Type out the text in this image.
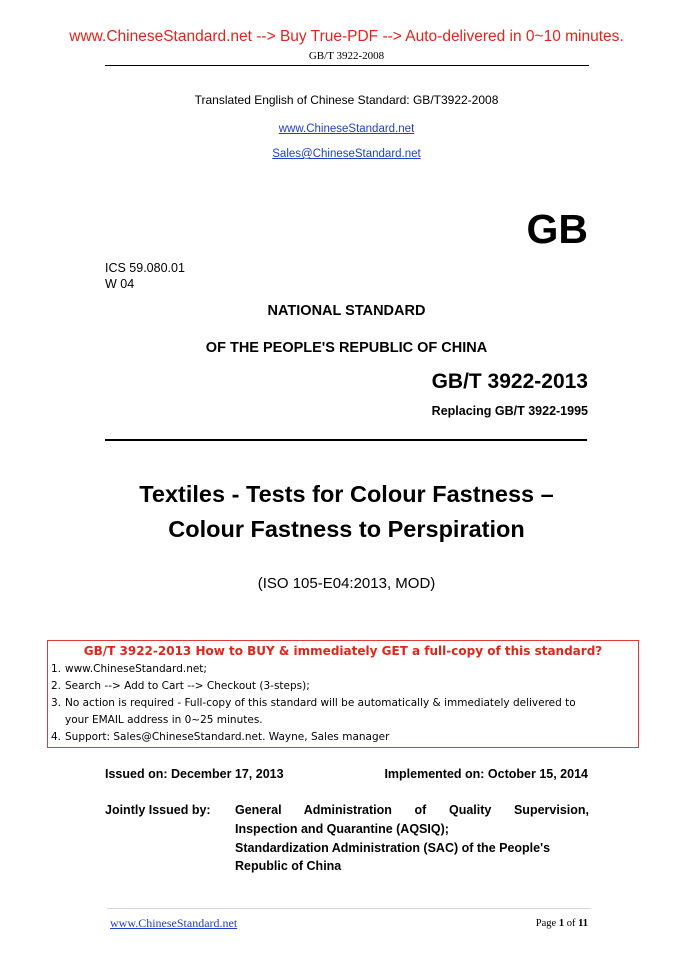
www.ChineseStandard.net --> Buy True-PDF --> Auto-delivered in 0~10 minutes.
GB/T 3922-2008
Translated English of Chinese Standard: GB/T3922-2008
www.ChineseStandard.net
Sales@ChineseStandard.net
GB
ICS 59.080.01
W 04
NATIONAL STANDARD
OF THE PEOPLE'S REPUBLIC OF CHINA
GB/T 3922-2013
Replacing GB/T 3922-1995
Textiles - Tests for Colour Fastness –
Colour Fastness to Perspiration
(ISO 105-E04:2013, MOD)
GB/T 3922-2013 How to BUY & immediately GET a full-copy of this standard?
1. www.ChineseStandard.net;
2. Search --> Add to Cart --> Checkout (3-steps);
3. No action is required - Full-copy of this standard will be automatically & immediately delivered to
your EMAIL address in 0~25 minutes.
4. Support: Sales@ChineseStandard.net. Wayne, Sales manager
Issued on: December 17, 2013	Implemented on: October 15, 2014
Jointly Issued by: General Administration of Quality Supervision,
Inspection and Quarantine (AQSIQ);
Standardization Administration (SAC) of the People's
Republic of China
www.ChineseStandard.net	Page 1 of 11
